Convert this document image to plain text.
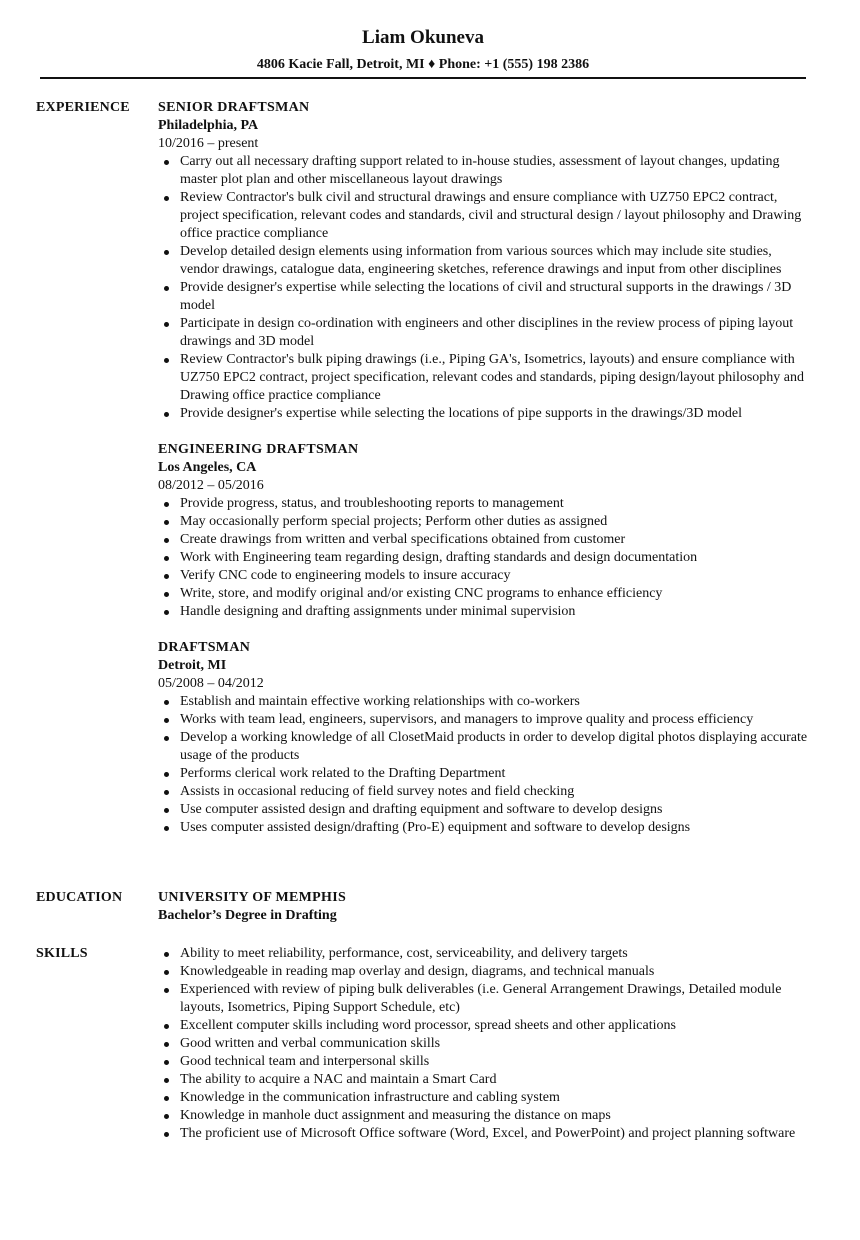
Liam Okuneva
4806 Kacie Fall, Detroit, MI ♦ Phone: +1 (555) 198 2386
EXPERIENCE	SENIOR DRAFTSMAN
Philadelphia, PA
10/2016 – present
Carry out all necessary drafting support related to in-house studies, assessment of layout changes, updating master plot plan and other miscellaneous layout drawings
Review Contractor's bulk civil and structural drawings and ensure compliance with UZ750 EPC2 contract, project specification, relevant codes and standards, civil and structural design / layout philosophy and Drawing office practice compliance
Develop detailed design elements using information from various sources which may include site studies, vendor drawings, catalogue data, engineering sketches, reference drawings and input from other disciplines
Provide designer's expertise while selecting the locations of civil and structural supports in the drawings / 3D model
Participate in design co-ordination with engineers and other disciplines in the review process of piping layout drawings and 3D model
Review Contractor's bulk piping drawings (i.e., Piping GA's, Isometrics, layouts) and ensure compliance with UZ750 EPC2 contract, project specification, relevant codes and standards, piping design/layout philosophy and Drawing office practice compliance
Provide designer's expertise while selecting the locations of pipe supports in the drawings/3D model
ENGINEERING DRAFTSMAN
Los Angeles, CA
08/2012 – 05/2016
Provide progress, status, and troubleshooting reports to management
May occasionally perform special projects; Perform other duties as assigned
Create drawings from written and verbal specifications obtained from customer
Work with Engineering team regarding design, drafting standards and design documentation
Verify CNC code to engineering models to insure accuracy
Write, store, and modify original and/or existing CNC programs to enhance efficiency
Handle designing and drafting assignments under minimal supervision
DRAFTSMAN
Detroit, MI
05/2008 – 04/2012
Establish and maintain effective working relationships with co-workers
Works with team lead, engineers, supervisors, and managers to improve quality and process efficiency
Develop a working knowledge of all ClosetMaid products in order to develop digital photos displaying accurate usage of the products
Performs clerical work related to the Drafting Department
Assists in occasional reducing of field survey notes and field checking
Use computer assisted design and drafting equipment and software to develop designs
Uses computer assisted design/drafting (Pro-E) equipment and software to develop designs
EDUCATION	UNIVERSITY OF MEMPHIS
Bachelor’s Degree in Drafting
SKILLS	Ability to meet reliability, performance, cost, serviceability, and delivery targets
Knowledgeable in reading map overlay and design, diagrams, and technical manuals
Experienced with review of piping bulk deliverables (i.e. General Arrangement Drawings, Detailed module layouts, Isometrics, Piping Support Schedule, etc)
Excellent computer skills including word processor, spread sheets and other applications
Good written and verbal communication skills
Good technical team and interpersonal skills
The ability to acquire a NAC and maintain a Smart Card
Knowledge in the communication infrastructure and cabling system
Knowledge in manhole duct assignment and measuring the distance on maps
The proficient use of Microsoft Office software (Word, Excel, and PowerPoint) and project planning software
